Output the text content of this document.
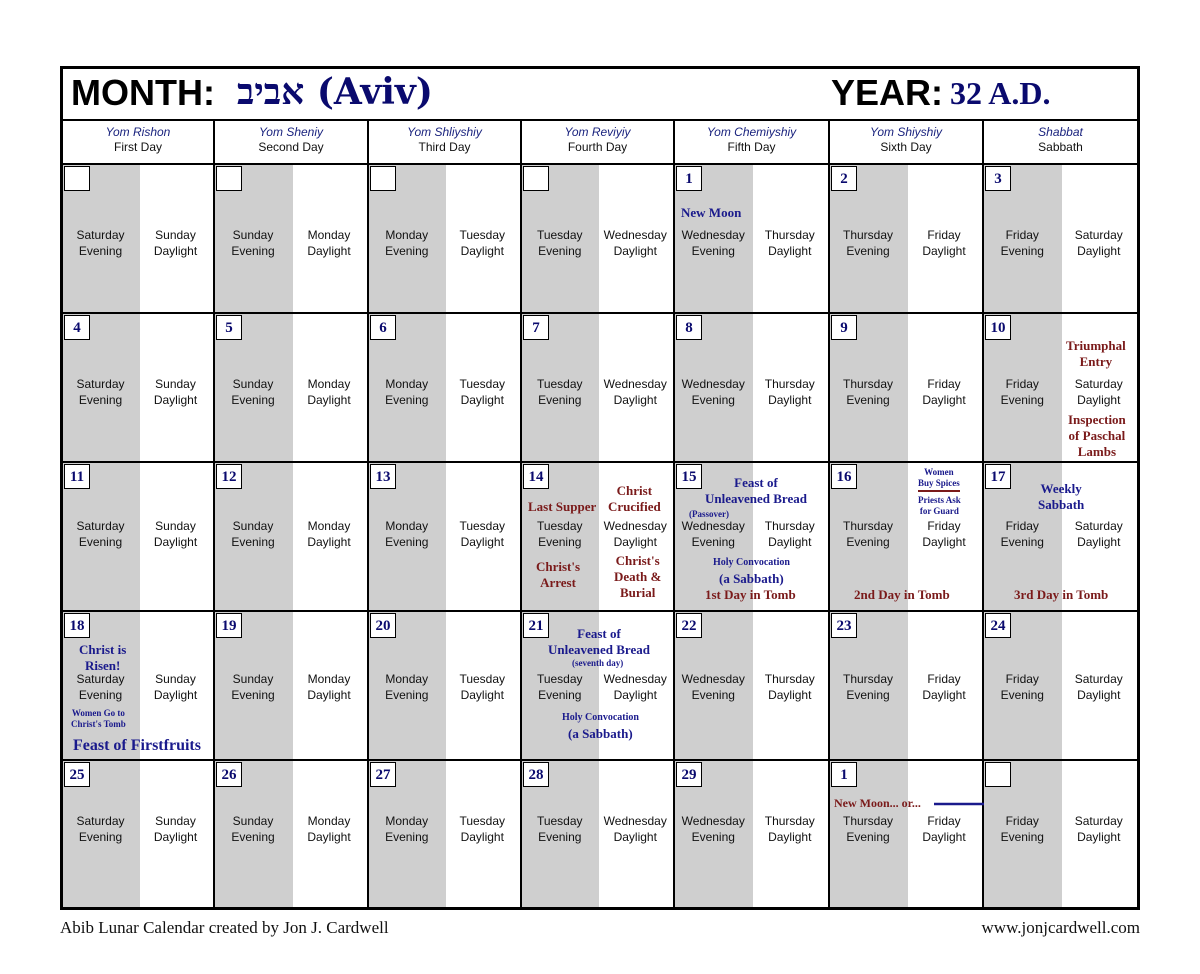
MONTH: אביב (Aviv)	YEAR: 32 A.D.
Yom Rishon
First Day
Yom Sheniy
Second Day
Yom Shliyshiy
Third Day
Yom Reviyiy
Fourth Day
Yom Chemiyshiy
Fifth Day
Yom Shiyshiy
Sixth Day
Shabbat
Sabbath
Saturday
Evening
Sunday
Daylight
Sunday
Evening
Monday
Daylight
Monday
Evening
Tuesday
Daylight
Tuesday
Evening
Wednesday
Daylight
1
Wednesday
Evening
Thursday
Daylight
New Moon
2
Thursday
Evening
Friday
Daylight
3
Friday
Evening
Saturday
Daylight
4
Saturday
Evening
Sunday
Daylight
5
Sunday
Evening
Monday
Daylight
6
Monday
Evening
Tuesday
Daylight
7
Tuesday
Evening
Wednesday
Daylight
8
Wednesday
Evening
Thursday
Daylight
9
Thursday
Evening
Friday
Daylight
10
Friday
Evening
Saturday
Daylight
Triumphal
Entry
Inspection
of Paschal
Lambs
11
Saturday
Evening
Sunday
Daylight
12
Sunday
Evening
Monday
Daylight
13
Monday
Evening
Tuesday
Daylight
14
Tuesday
Evening
Wednesday
Daylight
Last Supper
Christ
Crucified
Christ's
Arrest
Christ's
Death &
Burial
15
Wednesday
Evening
Thursday
Daylight
Feast of
Unleavened Bread
(Passover)
Holy Convocation
(a Sabbath)
1st Day in Tomb
16
Thursday
Evening
Friday
Daylight
Women
Buy Spices
Priests Ask
for Guard
2nd Day in Tomb
17
Friday
Evening
Saturday
Daylight
Weekly
Sabbath
3rd Day in Tomb
18
Saturday
Evening
Sunday
Daylight
Christ is
Risen!
Women Go to
Christ's Tomb
Feast of Firstfruits
19
Sunday
Evening
Monday
Daylight
20
Monday
Evening
Tuesday
Daylight
21
Tuesday
Evening
Wednesday
Daylight
Feast of
Unleavened Bread
(seventh day)
Holy Convocation
(a Sabbath)
22
Wednesday
Evening
Thursday
Daylight
23
Thursday
Evening
Friday
Daylight
24
Friday
Evening
Saturday
Daylight
25
Saturday
Evening
Sunday
Daylight
26
Sunday
Evening
Monday
Daylight
27
Monday
Evening
Tuesday
Daylight
28
Tuesday
Evening
Wednesday
Daylight
29
Wednesday
Evening
Thursday
Daylight
1
Thursday
Evening
Friday
Daylight
New Moon... or...
Friday
Evening
Saturday
Daylight
Abib Lunar Calendar created by Jon J. Cardwell	www.jonjcardwell.com
